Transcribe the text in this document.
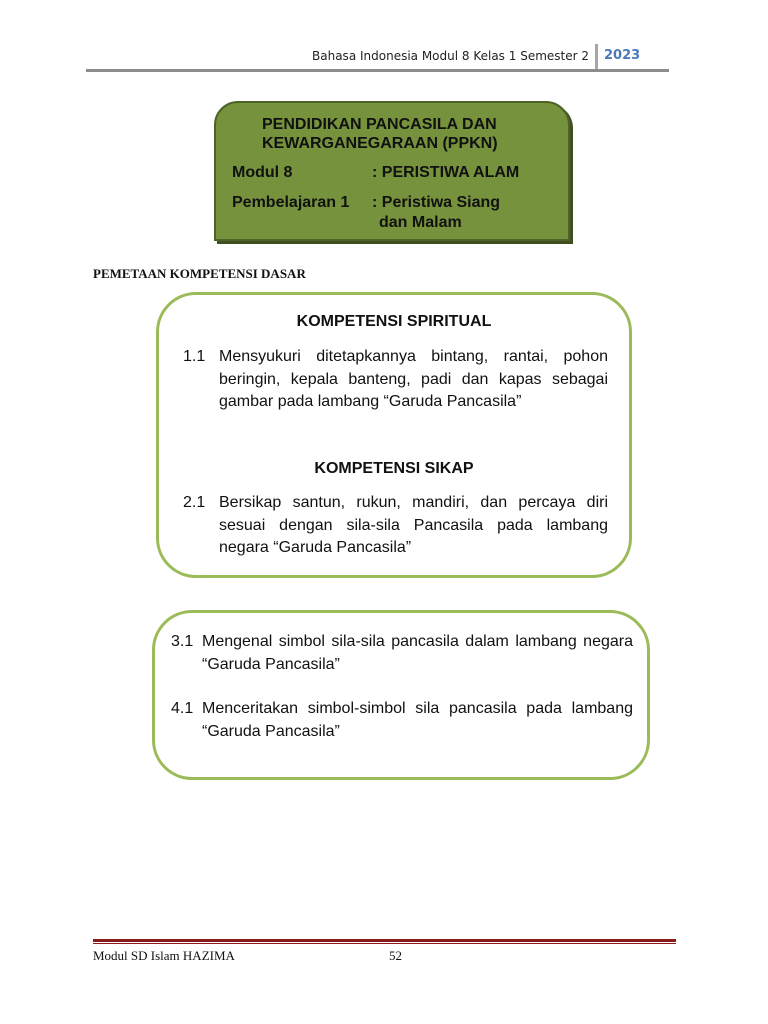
Bahasa Indonesia Modul 8 Kelas 1 Semester 2 2023
PENDIDIKAN PANCASILA DAN
KEWARGANEGARAAN (PPKN)
Modul 8	: PERISTIWA ALAM
Pembelajaran 1 : Peristiwa Siang
dan Malam
PEMETAAN KOMPETENSI DASAR
KOMPETENSI SPIRITUAL
1.1 Mensyukuri ditetapkannya bintang, rantai, pohon beringin, kepala banteng, padi dan kapas sebagai gambar pada lambang “Garuda Pancasila”
KOMPETENSI SIKAP
2.1 Bersikap santun, rukun, mandiri, dan percaya diri sesuai dengan sila-sila Pancasila pada lambang negara “Garuda Pancasila”
3.1 Mengenal simbol sila-sila pancasila dalam lambang negara “Garuda Pancasila”
4.1 Menceritakan simbol-simbol sila pancasila pada lambang “Garuda Pancasila”
Modul SD Islam HAZIMA	52
